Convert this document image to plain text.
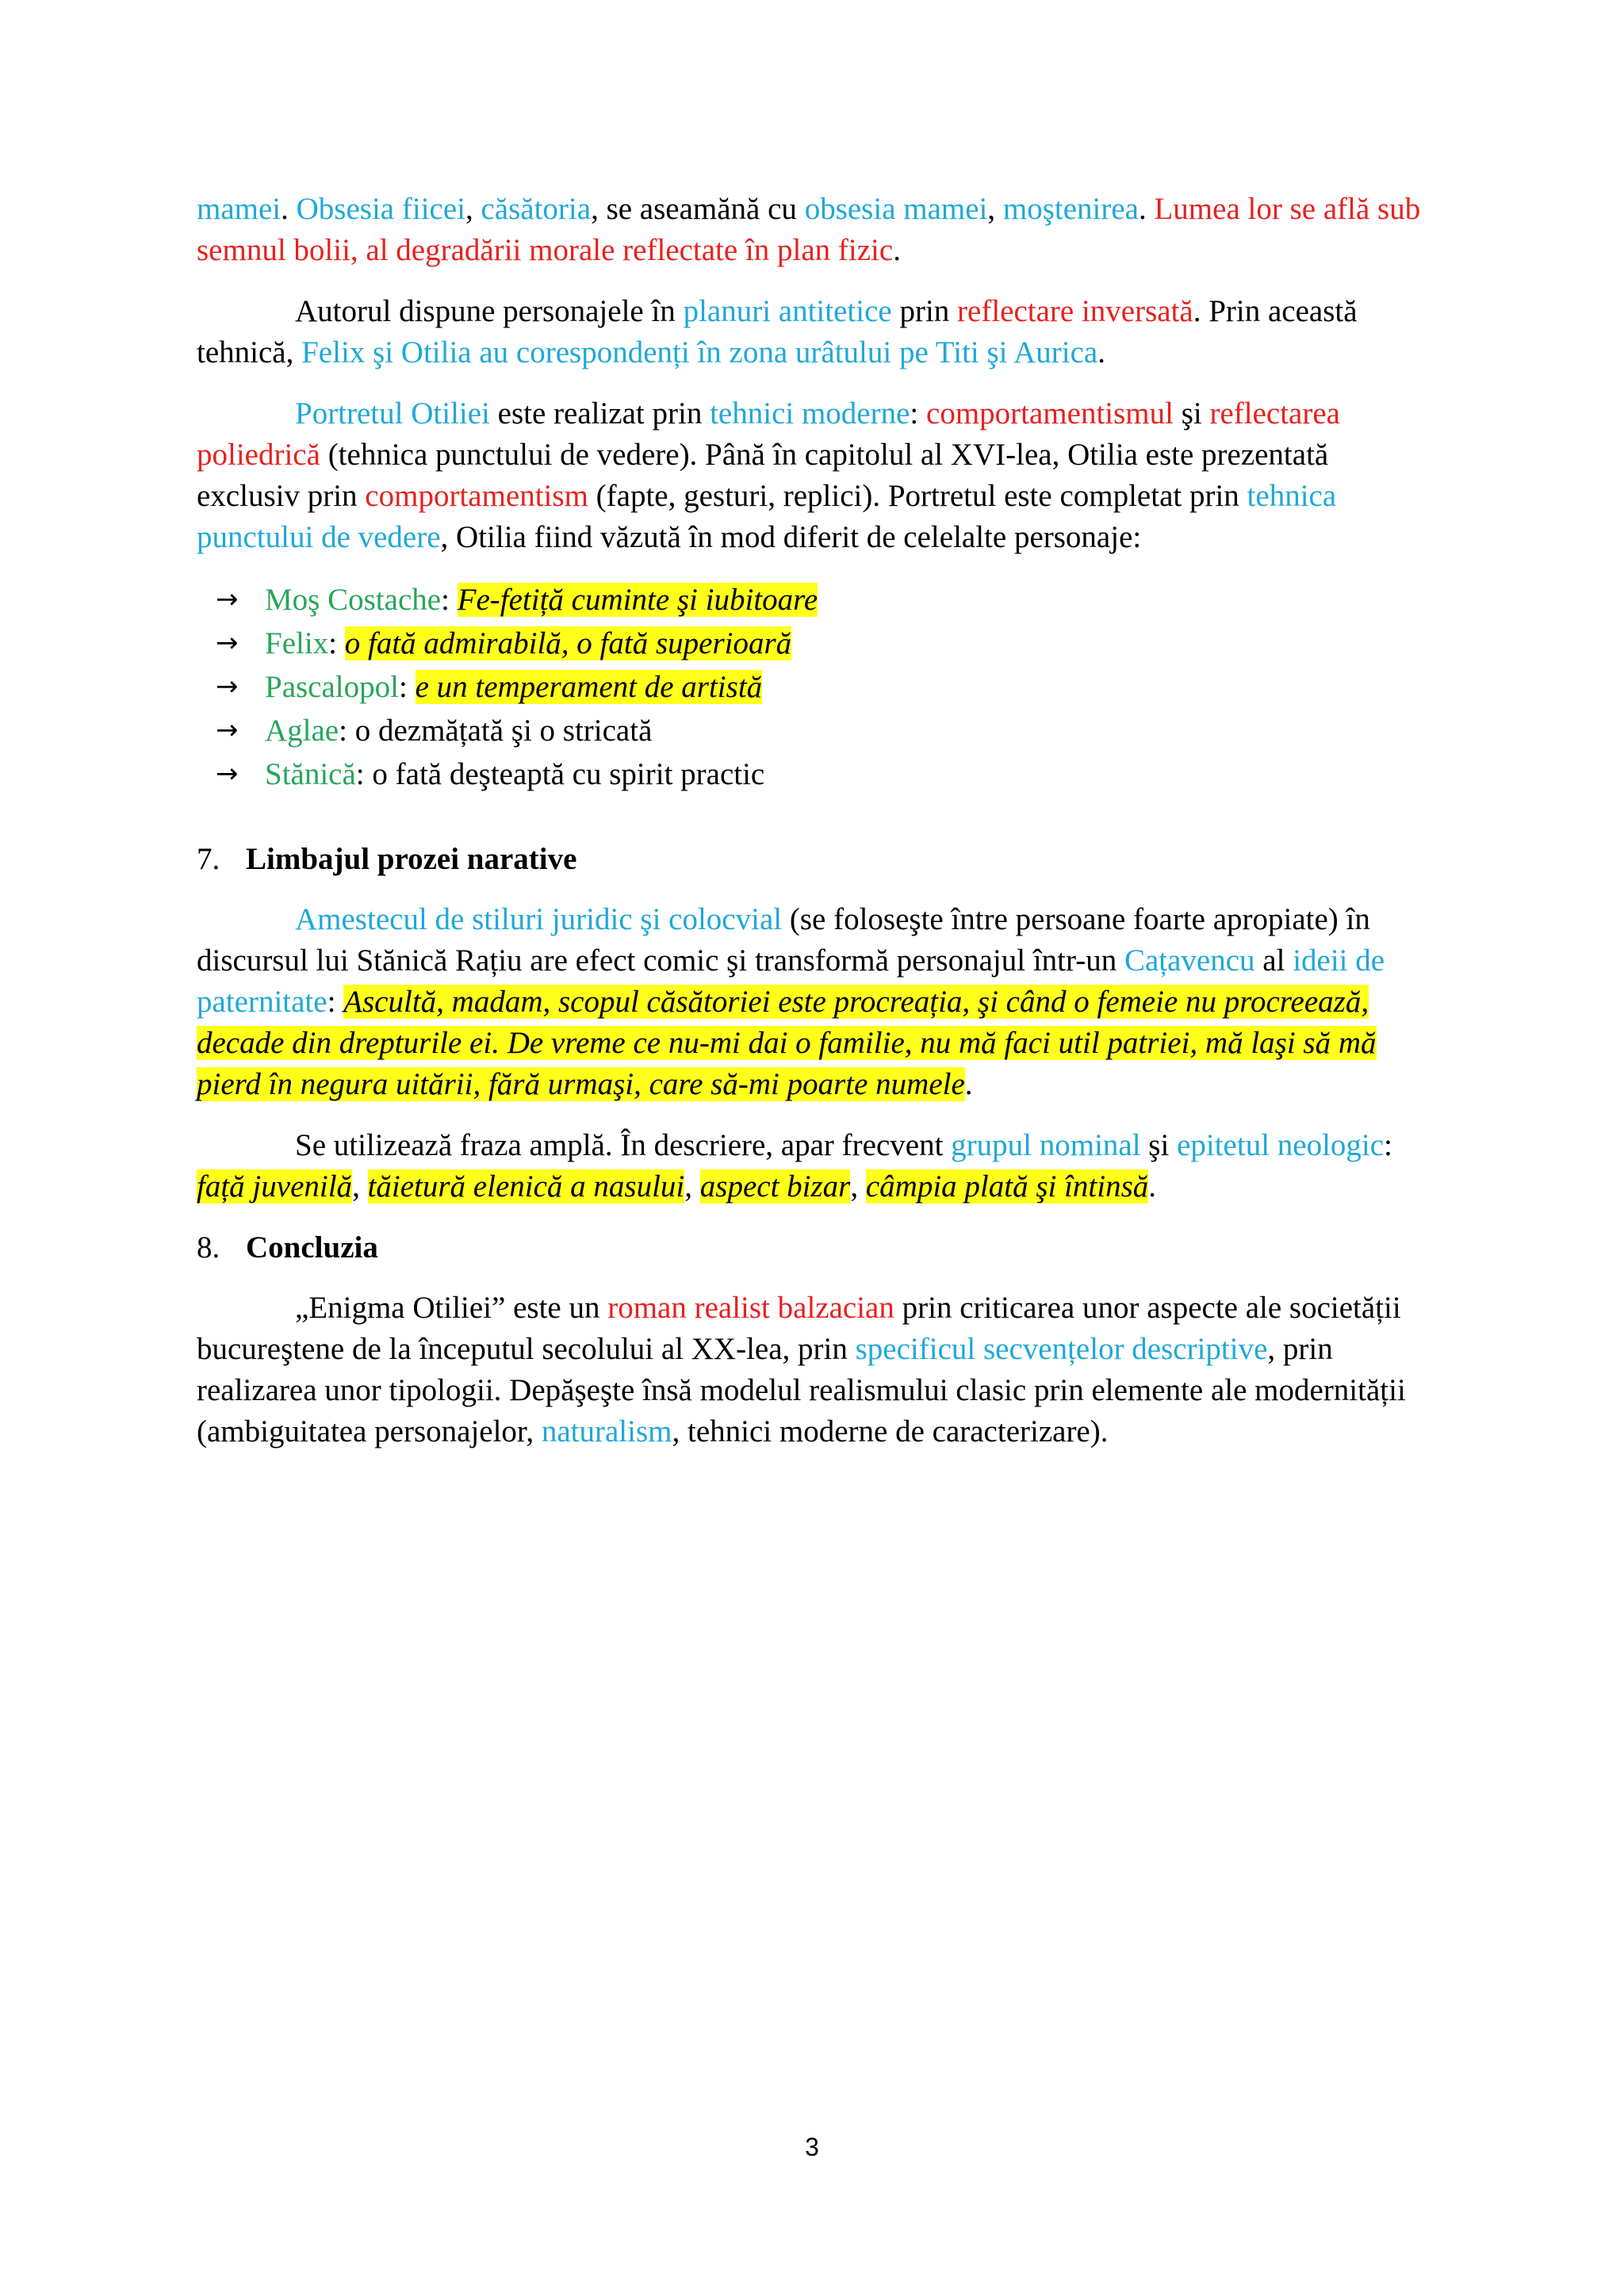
mamei. Obsesia fiicei, căsătoria, se aseamănă cu obsesia mamei, moştenirea. Lumea lor se află sub semnul bolii, al degradării morale reflectate în plan fizic.

Autorul dispune personajele în planuri antitetice prin reflectare inversată. Prin această tehnică, Felix şi Otilia au corespondenți în zona urâtului pe Titi şi Aurica.

Portretul Otiliei este realizat prin tehnici moderne: comportamentismul şi reflectarea poliedrică (tehnica punctului de vedere). Până în capitolul al XVI-lea, Otilia este prezentată exclusiv prin comportamentism (fapte, gesturi, replici). Portretul este completat prin tehnica punctului de vedere, Otilia fiind văzută în mod diferit de celelalte personaje:

→ Moş Costache: Fe-fetiță cuminte şi iubitoare
→ Felix: o fată admirabilă, o fată superioară
→ Pascalopol: e un temperament de artistă
→ Aglae: o dezmățată şi o stricată
→ Stănică: o fată deşteaptă cu spirit practic
7. Limbajul prozei narative

Amestecul de stiluri juridic şi colocvial (se foloseşte între persoane foarte apropiate) în discursul lui Stănică Rațiu are efect comic şi transformă personajul într-un Cațavencu al ideii de paternitate: Ascultă, madam, scopul căsătoriei este procreația, şi când o femeie nu procreează, decade din drepturile ei. De vreme ce nu-mi dai o familie, nu mă faci util patriei, mă laşi să mă pierd în negura uitării, fără urmaşi, care să-mi poarte numele.

Se utilizează fraza amplă. În descriere, apar frecvent grupul nominal şi epitetul neologic: față juvenilă, tăietură elenică a nasului, aspect bizar, câmpia plată şi întinsă.

8. Concluzia

„Enigma Otiliei” este un roman realist balzacian prin criticarea unor aspecte ale societății bucureştene de la începutul secolului al XX-lea, prin specificul secvențelor descriptive, prin realizarea unor tipologii. Depăşeşte însă modelul realismului clasic prin elemente ale modernității (ambiguitatea personajelor, naturalism, tehnici moderne de caracterizare).

3
